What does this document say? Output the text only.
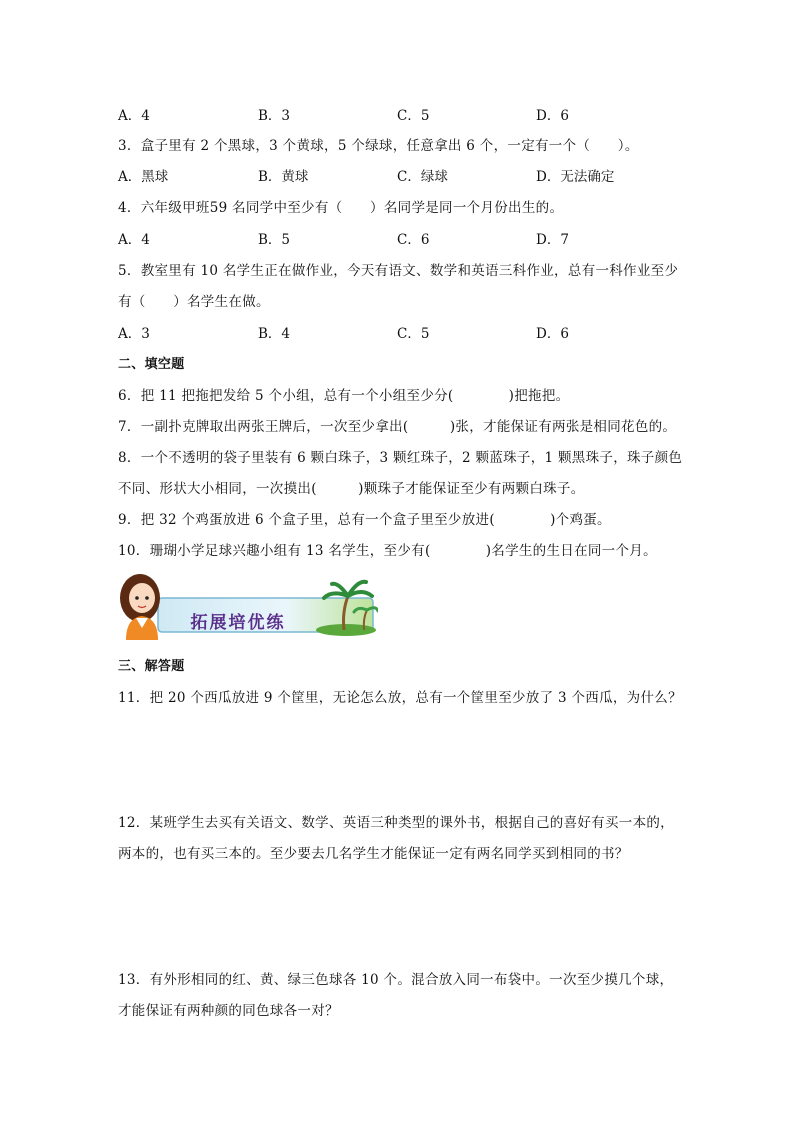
A．4	B．3	C．5	D．6
3．盒子里有 2 个黑球，3 个黄球，5 个绿球，任意拿出 6 个，一定有一个（　　）。
A．黑球	B．黄球	C．绿球	D．无法确定
4．六年级甲班59 名同学中至少有（　　）名同学是同一个月份出生的。
A．4	B．5	C．6	D．7
5．教室里有 10 名学生正在做作业，今天有语文、数学和英语三科作业，总有一科作业至少
有（　　）名学生在做。
A．3	B．4	C．5	D．6
二、填空题
6．把 11 把拖把发给 5 个小组，总有一个小组至少分(　　　　)把拖把。
7．一副扑克牌取出两张王牌后，一次至少拿出(　　　)张，才能保证有两张是相同花色的。
8．一个不透明的袋子里装有 6 颗白珠子，3 颗红珠子，2 颗蓝珠子，1 颗黑珠子，珠子颜色
不同、形状大小相同，一次摸出(　　　)颗珠子才能保证至少有两颗白珠子。
9．把 32 个鸡蛋放进 6 个盒子里，总有一个盒子里至少放进(　　　　)个鸡蛋。
10．珊瑚小学足球兴趣小组有 13 名学生，至少有(　　　　)名学生的生日在同一个月。
拓展培优练
三、解答题
11．把 20 个西瓜放进 9 个筐里，无论怎么放，总有一个筐里至少放了 3 个西瓜，为什么？
12．某班学生去买有关语文、数学、英语三种类型的课外书，根据自己的喜好有买一本的，
两本的，也有买三本的。至少要去几名学生才能保证一定有两名同学买到相同的书？
13．有外形相同的红、黄、绿三色球各 10 个。混合放入同一布袋中。一次至少摸几个球，
才能保证有两种颜的同色球各一对？
